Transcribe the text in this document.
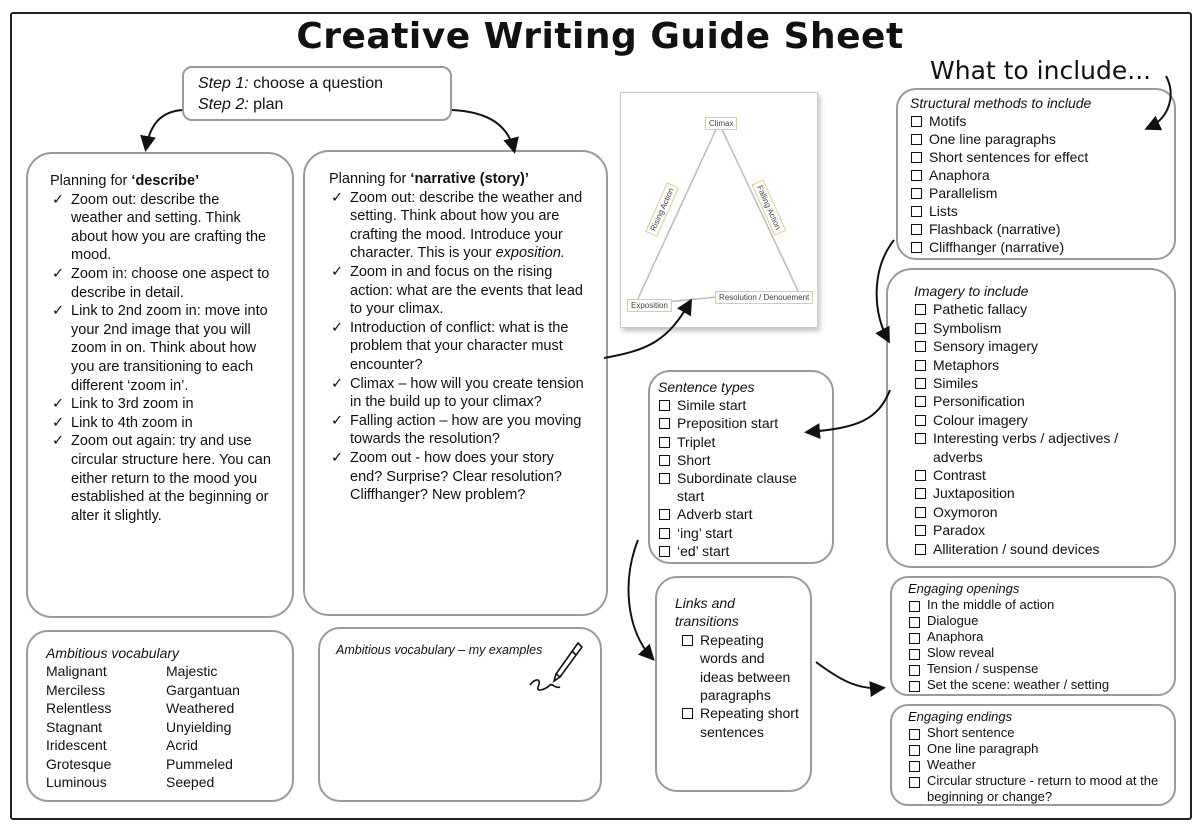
Creative Writing Guide Sheet
What to include...
Step 1: choose a question
Step 2: plan
Planning for ‘describe’
✓ Zoom out: describe the weather and setting. Think about how you are crafting the mood.
✓ Zoom in: choose one aspect to describe in detail.
✓ Link to 2nd zoom in: move into your 2nd image that you will zoom in on. Think about how you are transitioning to each different ‘zoom in’.
✓ Link to 3rd zoom in
✓ Link to 4th zoom in
✓ Zoom out again: try and use circular structure here. You can either return to the mood you established at the beginning or alter it slightly.
Planning for ‘narrative (story)’
✓ Zoom out: describe the weather and setting. Think about how you are crafting the mood. Introduce your character. This is your exposition.
✓ Zoom in and focus on the rising action: what are the events that lead to your climax.
✓ Introduction of conflict: what is the problem that your character must encounter?
✓ Climax – how will you create tension in the build up to your climax?
✓ Falling action – how are you moving towards the resolution?
✓ Zoom out - how does your story end? Surprise? Clear resolution? Cliffhanger? New problem?
Climax
Rising Action	Falling Action
Exposition
Resolution / Denouement
Structural methods to include
Motifs
One line paragraphs
Short sentences for effect
Anaphora
Parallelism
Lists
Flashback (narrative)
Cliffhanger (narrative)
Imagery to include
Pathetic fallacy
Symbolism
Sensory imagery
Metaphors
Similes
Personification
Colour imagery
Interesting verbs / adjectives / adverbs
Contrast
Juxtaposition
Oxymoron
Paradox
Alliteration / sound devices
Sentence types
Simile start
Preposition start
Triplet
Short
Subordinate clause start
Adverb start
‘ing’ start
‘ed’ start
Links and transitions
Repeating words and ideas between paragraphs
Repeating short sentences
Engaging openings
In the middle of action
Dialogue
Anaphora
Slow reveal
Tension / suspense
Set the scene: weather / setting
Engaging endings
Short sentence
One line paragraph
Weather
Circular structure - return to mood at the beginning or change?
Ambitious vocabulary
Malignant
Merciless
Relentless
Stagnant
Iridescent
Grotesque
Luminous
Majestic
Gargantuan
Weathered
Unyielding
Acrid
Pummeled
Seeped
Ambitious vocabulary – my examples
